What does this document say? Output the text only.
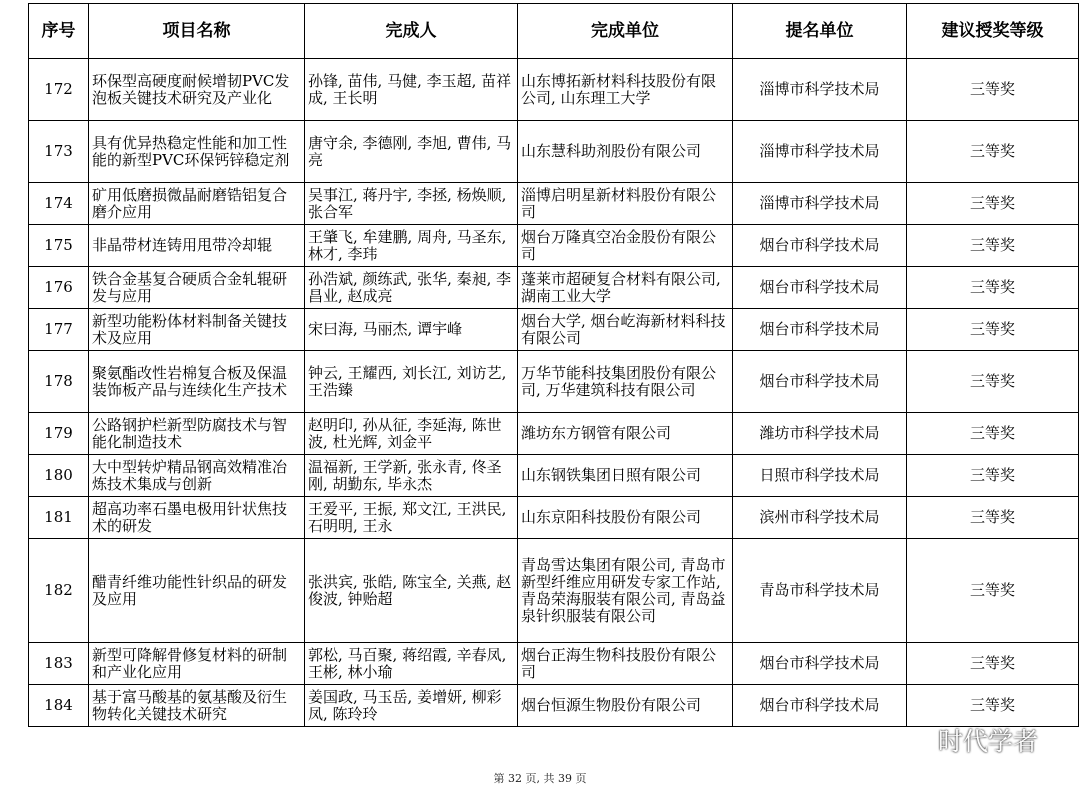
序号	项目名称	完成人	完成单位	提名单位	建议授奖等级
172	环保型高硬度耐候增韧PVC发泡板关键技术研究及产业化	孙锋, 苗伟, 马健, 李玉超, 苗祥成, 王长明	山东博拓新材料科技股份有限公司, 山东理工大学	淄博市科学技术局	三等奖
173	具有优异热稳定性能和加工性能的新型PVC环保钙锌稳定剂	唐守余, 李德刚, 李旭, 曹伟, 马亮	山东慧科助剂股份有限公司	淄博市科学技术局	三等奖
174	矿用低磨损微晶耐磨锆铝复合磨介应用	吴事江, 蒋丹宇, 李拯, 杨焕顺, 张合军	淄博启明星新材料股份有限公司	淄博市科学技术局	三等奖
175	非晶带材连铸用甩带冷却辊	王肇飞, 牟建鹏, 周舟, 马圣东, 林才, 李玮	烟台万隆真空冶金股份有限公司	烟台市科学技术局	三等奖
176	铁合金基复合硬质合金轧辊研发与应用	孙浩斌, 颜练武, 张华, 秦昶, 李昌业, 赵成亮	蓬莱市超硬复合材料有限公司, 湖南工业大学	烟台市科学技术局	三等奖
177	新型功能粉体材料制备关键技术及应用	宋曰海, 马丽杰, 谭宇峰	烟台大学, 烟台屹海新材料科技有限公司	烟台市科学技术局	三等奖
178	聚氨酯改性岩棉复合板及保温装饰板产品与连续化生产技术	钟云, 王耀西, 刘长江, 刘访艺, 王浩臻	万华节能科技集团股份有限公司, 万华建筑科技有限公司	烟台市科学技术局	三等奖
179	公路钢护栏新型防腐技术与智能化制造技术	赵明印, 孙从征, 李延海, 陈世波, 杜光辉, 刘金平	潍坊东方钢管有限公司	潍坊市科学技术局	三等奖
180	大中型转炉精品钢高效精准冶炼技术集成与创新	温福新, 王学新, 张永青, 佟圣刚, 胡勤东, 毕永杰	山东钢铁集团日照有限公司	日照市科学技术局	三等奖
181	超高功率石墨电极用针状焦技术的研发	王爱平, 王振, 郑文江, 王洪民, 石明明, 王永	山东京阳科技股份有限公司	滨州市科学技术局	三等奖
182	醋青纤维功能性针织品的研发及应用	张洪宾, 张皓, 陈宝全, 关燕, 赵俊波, 钟贻超	青岛雪达集团有限公司, 青岛市新型纤维应用研发专家工作站, 青岛荣海服装有限公司, 青岛益泉针织服装有限公司	青岛市科学技术局	三等奖
183	新型可降解骨修复材料的研制和产业化应用	郭松, 马百聚, 蒋绍霞, 辛春凤, 王彬, 林小瑜	烟台正海生物科技股份有限公司	烟台市科学技术局	三等奖
184	基于富马酸基的氨基酸及衍生物转化关键技术研究	姜国政, 马玉岳, 姜增妍, 柳彩凤, 陈玲玲	烟台恒源生物股份有限公司	烟台市科学技术局	三等奖
时代学者
第 32 页, 共 39 页
